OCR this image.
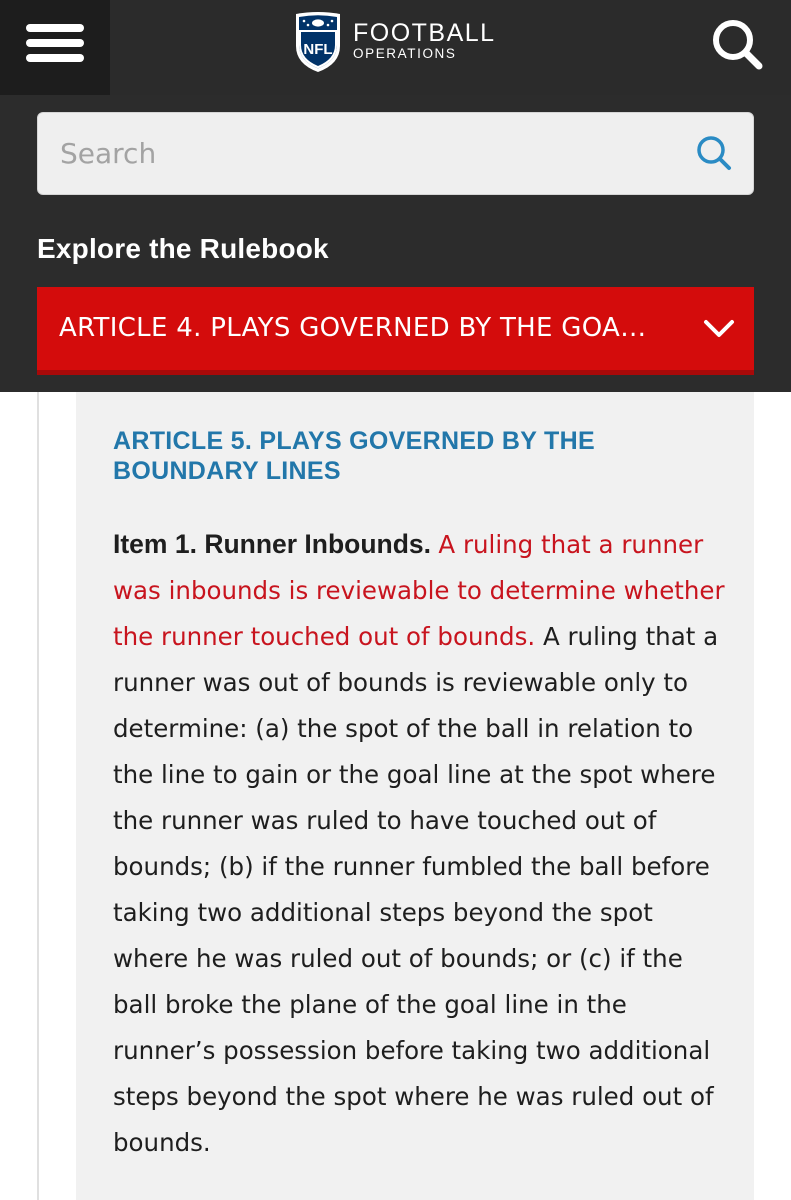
NFL
FOOTBALL
OPERATIONS
Search
Explore the Rulebook
ARTICLE 4. PLAYS GOVERNED BY THE GOA…
ARTICLE 5. PLAYS GOVERNED BY THE BOUNDARY LINES
Item 1. Runner Inbounds. A ruling that a runner was inbounds is reviewable to determine whether the runner touched out of bounds. A ruling that a runner was out of bounds is reviewable only to determine: (a) the spot of the ball in relation to the line to gain or the goal line at the spot where the runner was ruled to have touched out of bounds; (b) if the runner fumbled the ball before taking two additional steps beyond the spot where he was ruled out of bounds; or (c) if the ball broke the plane of the goal line in the runner’s possession before taking two additional steps beyond the spot where he was ruled out of bounds.
